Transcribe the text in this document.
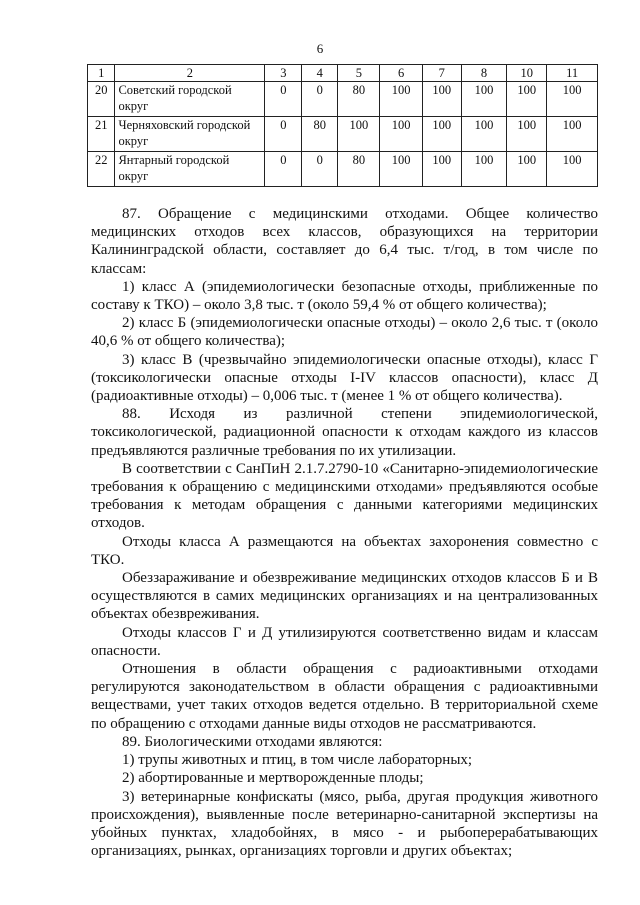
6
1	2	3	4	5	6	7	8	10	11
20	Советский городской округ	0	0	80	100	100	100	100	100
21	Черняховский городской округ	0	80	100	100	100	100	100	100
22	Янтарный городской округ	0	0	80	100	100	100	100	100

87. Обращение с медицинскими отходами. Общее количество медицинских отходов всех классов, образующихся на территории Калининградской области, составляет до 6,4 тыс. т/год, в том числе по классам:

1) класс А (эпидемиологически безопасные отходы, приближенные по составу к ТКО) – около 3,8 тыс. т (около 59,4 % от общего количества);

2) класс Б (эпидемиологически опасные отходы) – около 2,6 тыс. т (около 40,6 % от общего количества);

3) класс В (чрезвычайно эпидемиологически опасные отходы), класс Г (токсикологически опасные отходы I-IV классов опасности), класс Д (радиоактивные отходы) – 0,006 тыс. т (менее 1 % от общего количества).

88. Исходя из различной степени эпидемиологической, токсикологической, радиационной опасности к отходам каждого из классов предъявляются различные требования по их утилизации.

В соответствии с СанПиН 2.1.7.2790-10 «Санитарно-эпидемиологические требования к обращению с медицинскими отходами» предъявляются особые требования к методам обращения с данными категориями медицинских отходов.

Отходы класса А размещаются на объектах захоронения совместно с ТКО.

Обеззараживание и обезвреживание медицинских отходов классов Б и В осуществляются в самих медицинских организациях и на централизованных объектах обезвреживания.

Отходы классов Г и Д утилизируются соответственно видам и классам опасности.

Отношения в области обращения с радиоактивными отходами регулируются законодательством в области обращения с радиоактивными веществами, учет таких отходов ведется отдельно. В территориальной схеме по обращению с отходами данные виды отходов не рассматриваются.

89. Биологическими отходами являются:

1) трупы животных и птиц, в том числе лабораторных;

2) абортированные и мертворожденные плоды;

3) ветеринарные конфискаты (мясо, рыба, другая продукция животного происхождения), выявленные после ветеринарно-санитарной экспертизы на убойных пунктах, хладобойнях, в мясо - и рыбоперерабатывающих организациях, рынках, организациях торговли и других объектах;
